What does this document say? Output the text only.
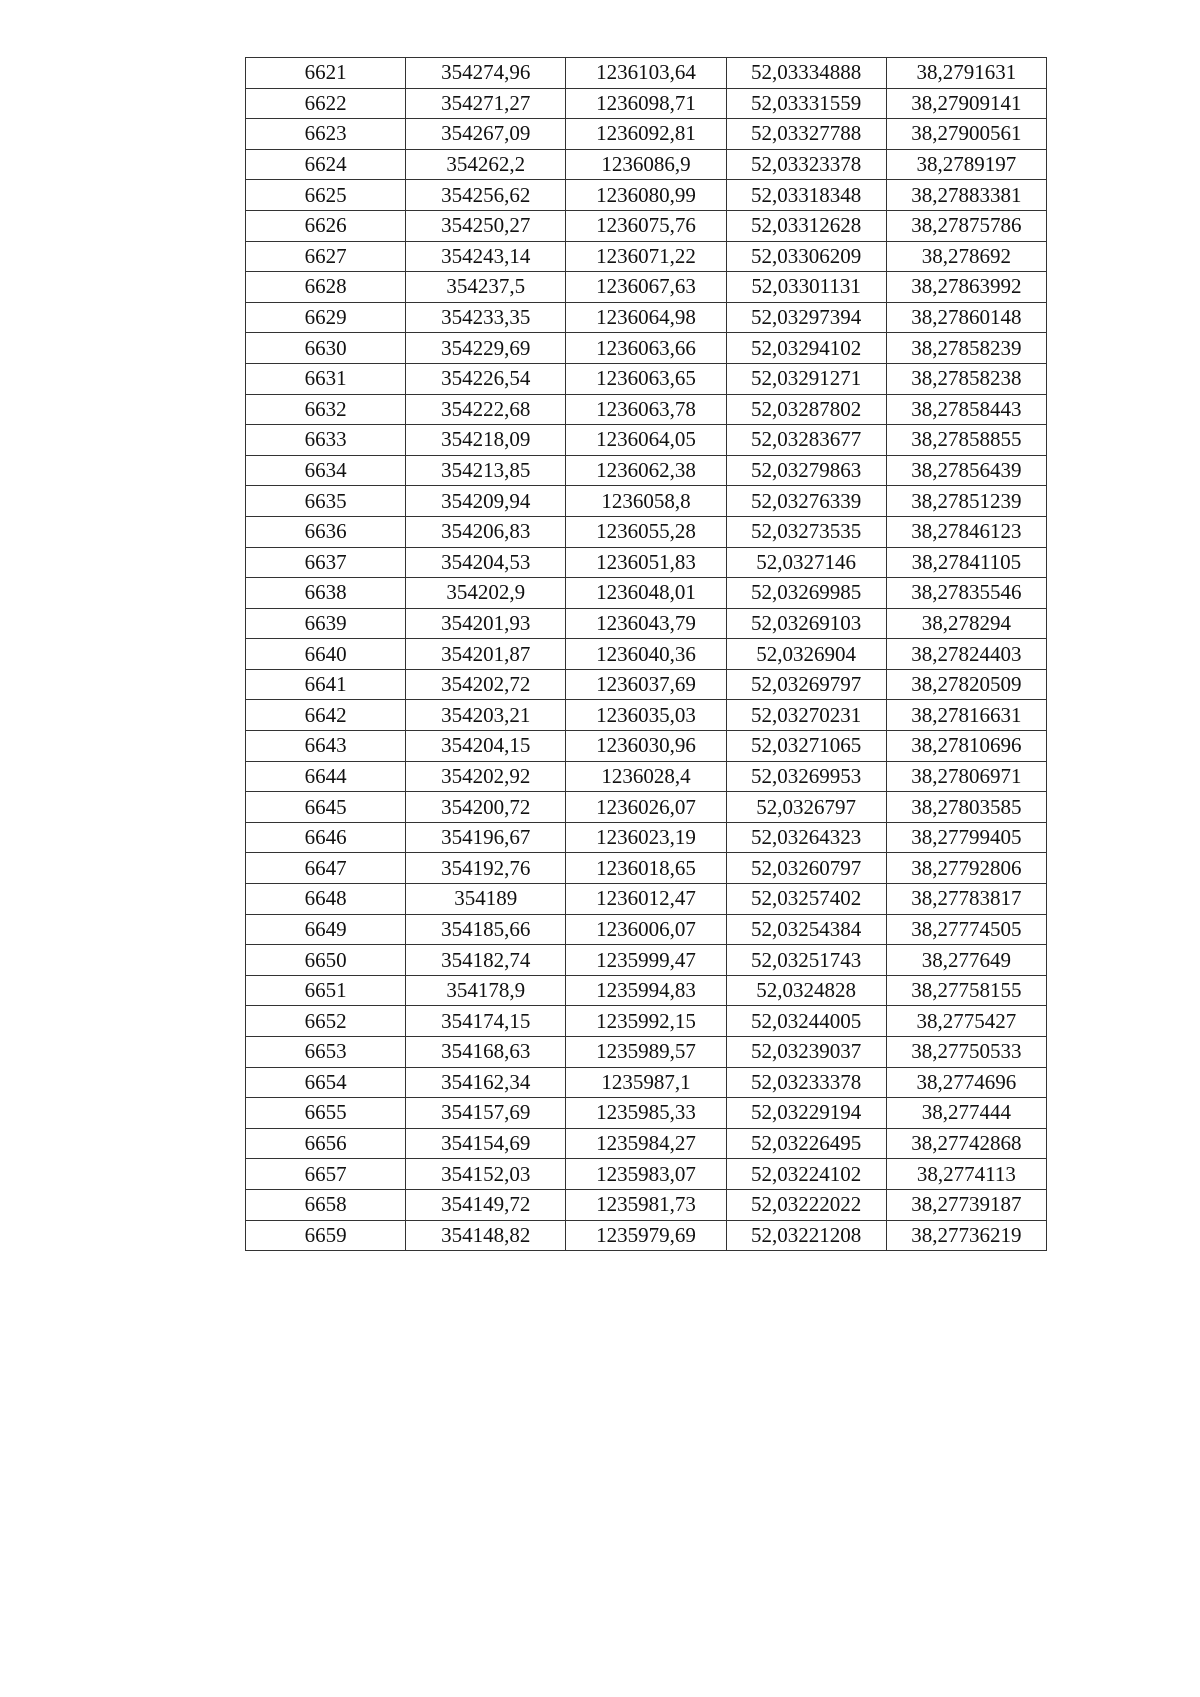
6621	354274,96	1236103,64	52,03334888	38,2791631
6622	354271,27	1236098,71	52,03331559	38,27909141
6623	354267,09	1236092,81	52,03327788	38,27900561
6624	354262,2	1236086,9	52,03323378	38,2789197
6625	354256,62	1236080,99	52,03318348	38,27883381
6626	354250,27	1236075,76	52,03312628	38,27875786
6627	354243,14	1236071,22	52,03306209	38,278692
6628	354237,5	1236067,63	52,03301131	38,27863992
6629	354233,35	1236064,98	52,03297394	38,27860148
6630	354229,69	1236063,66	52,03294102	38,27858239
6631	354226,54	1236063,65	52,03291271	38,27858238
6632	354222,68	1236063,78	52,03287802	38,27858443
6633	354218,09	1236064,05	52,03283677	38,27858855
6634	354213,85	1236062,38	52,03279863	38,27856439
6635	354209,94	1236058,8	52,03276339	38,27851239
6636	354206,83	1236055,28	52,03273535	38,27846123
6637	354204,53	1236051,83	52,0327146	38,27841105
6638	354202,9	1236048,01	52,03269985	38,27835546
6639	354201,93	1236043,79	52,03269103	38,278294
6640	354201,87	1236040,36	52,0326904	38,27824403
6641	354202,72	1236037,69	52,03269797	38,27820509
6642	354203,21	1236035,03	52,03270231	38,27816631
6643	354204,15	1236030,96	52,03271065	38,27810696
6644	354202,92	1236028,4	52,03269953	38,27806971
6645	354200,72	1236026,07	52,0326797	38,27803585
6646	354196,67	1236023,19	52,03264323	38,27799405
6647	354192,76	1236018,65	52,03260797	38,27792806
6648	354189	1236012,47	52,03257402	38,27783817
6649	354185,66	1236006,07	52,03254384	38,27774505
6650	354182,74	1235999,47	52,03251743	38,277649
6651	354178,9	1235994,83	52,0324828	38,27758155
6652	354174,15	1235992,15	52,03244005	38,2775427
6653	354168,63	1235989,57	52,03239037	38,27750533
6654	354162,34	1235987,1	52,03233378	38,2774696
6655	354157,69	1235985,33	52,03229194	38,277444
6656	354154,69	1235984,27	52,03226495	38,27742868
6657	354152,03	1235983,07	52,03224102	38,2774113
6658	354149,72	1235981,73	52,03222022	38,27739187
6659	354148,82	1235979,69	52,03221208	38,27736219
